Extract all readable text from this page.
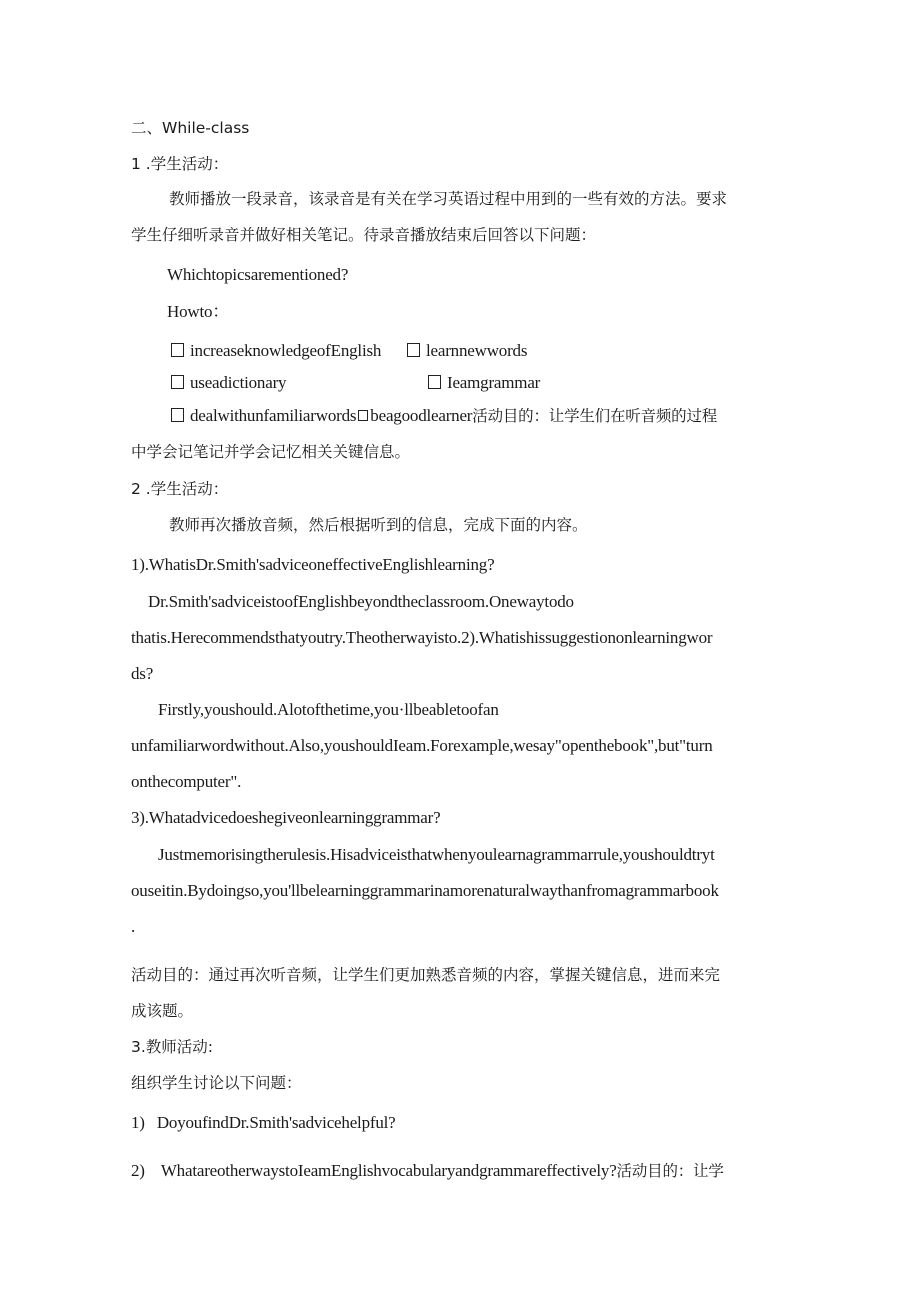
二、While-class
1 .学生活动：
教师播放一段录音，该录音是有关在学习英语过程中用到的一些有效的方法。要求
学生仔细听录音并做好相关笔记。待录音播放结束后回答以下问题：
Whichtopicsarementioned?
Howto：
increaseknowledgeofEnglish	learnnewwords
useadictionary	Ieamgrammar
dealwithunfamiliarwords beagoodlearner活动目的：让学生们在听音频的过程
中学会记笔记并学会记忆相关关键信息。
2 .学生活动：
教师再次播放音频，然后根据听到的信息，完成下面的内容。
1).WhatisDr.Smith'sadviceoneffectiveEnglishlearning?
Dr.Smith'sadviceistoofEnglishbeyondtheclassroom.Onewaytodo
thatis.Herecommendsthatyoutry.Theotherwayisto.2).Whatishissuggestiononlearningwor
ds?
Firstly,youshould.Alotofthetime,you·llbeabletoofan
unfamiliarwordwithout.Also,youshouldIeam.Forexample,wesay"openthebook",but"turn
onthecomputer".
3).Whatadvicedoeshegiveonlearninggrammar?
Justmemorisingtherulesis.Hisadviceisthatwhenyoulearnagrammarrule,youshouldtryt
ouseitin.Bydoingso,you'llbelearninggrammarinamorenaturalwaythanfromagrammarbook
.
活动目的：通过再次听音频，让学生们更加熟悉音频的内容，掌握关键信息，进而来完
成该题。
3.教师活动:
组织学生讨论以下问题：
1) DoyoufindDr.Smith'sadvicehelpful?
2) WhatareotherwaystoIeamEnglishvocabularyandgrammareffectively?活动目的：让学
